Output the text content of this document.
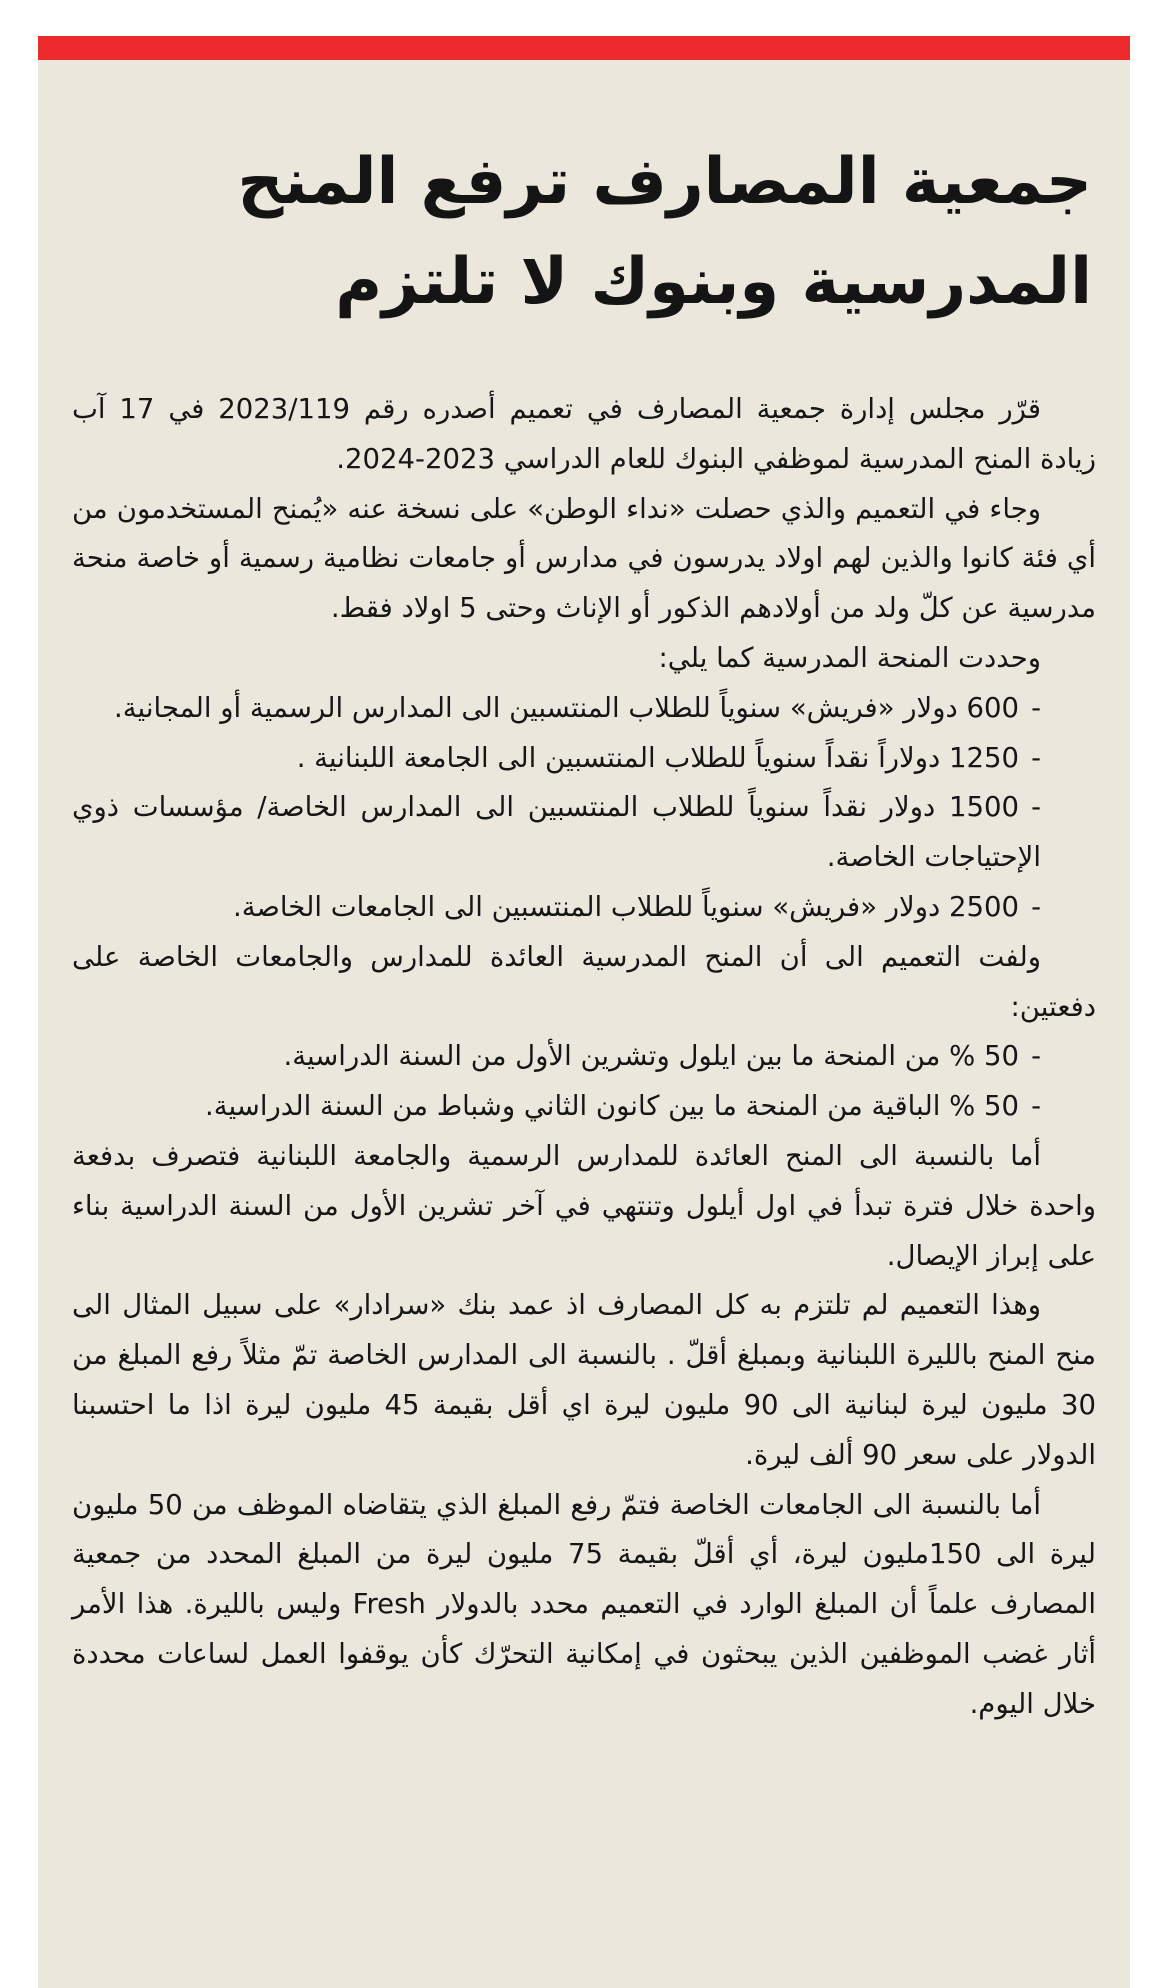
جمعية المصارف ترفع المنح
المدرسية وبنوك لا تلتزم

قرّر مجلس إدارة جمعية المصارف في تعميم أصدره رقم 2023/119 في 17 آب زيادة المنح المدرسية لموظفي البنوك للعام الدراسي 2023-2024.

وجاء في التعميم والذي حصلت «نداء الوطن» على نسخة عنه «يُمنح المستخدمون من أي فئة كانوا والذين لهم اولاد يدرسون في مدارس أو جامعات نظامية رسمية أو خاصة منحة مدرسية عن كلّ ولد من أولادهم الذكور أو الإناث وحتى 5 اولاد فقط.

وحددت المنحة المدرسية كما يلي:

-600 دولار «فريش» سنوياً للطلاب المنتسبين الى المدارس الرسمية أو المجانية.

-1250 دولاراً نقداً سنوياً للطلاب المنتسبين الى الجامعة اللبنانية .

-1500 دولار نقداً سنوياً للطلاب المنتسبين الى المدارس الخاصة/ مؤسسات ذوي الإحتياجات الخاصة.

-2500 دولار «فريش» سنوياً للطلاب المنتسبين الى الجامعات الخاصة.

ولفت التعميم الى أن المنح المدرسية العائدة للمدارس والجامعات الخاصة على دفعتين:

-50 % من المنحة ما بين ايلول وتشرين الأول من السنة الدراسية.

-50 % الباقية من المنحة ما بين كانون الثاني وشباط من السنة الدراسية.

أما بالنسبة الى المنح العائدة للمدارس الرسمية والجامعة اللبنانية فتصرف بدفعة واحدة خلال فترة تبدأ في اول أيلول وتنتهي في آخر تشرين الأول من السنة الدراسية بناء على إبراز الإيصال.

وهذا التعميم لم تلتزم به كل المصارف اذ عمد بنك «سرادار» على سبيل المثال الى منح المنح بالليرة اللبنانية وبمبلغ أقلّ . بالنسبة الى المدارس الخاصة تمّ مثلاً رفع المبلغ من 30 مليون ليرة لبنانية الى 90 مليون ليرة اي أقل بقيمة 45 مليون ليرة اذا ما احتسبنا الدولار على سعر 90 ألف ليرة.

أما بالنسبة الى الجامعات الخاصة فتمّ رفع المبلغ الذي يتقاضاه الموظف من 50 مليون ليرة الى 150مليون ليرة، أي أقلّ بقيمة 75 مليون ليرة من المبلغ المحدد من جمعية المصارف علماً أن المبلغ الوارد في التعميم محدد بالدولار Fresh وليس بالليرة. هذا الأمر أثار غضب الموظفين الذين يبحثون في إمكانية التحرّك كأن يوقفوا العمل لساعات محددة خلال اليوم.
